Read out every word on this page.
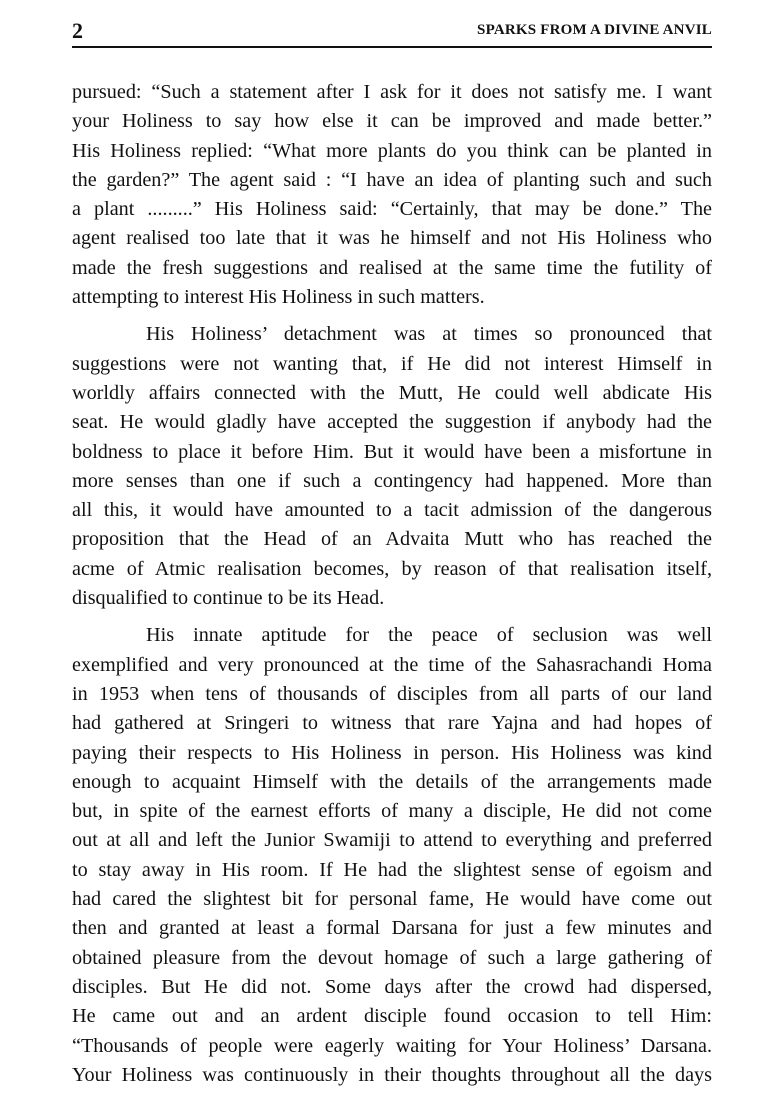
2	SPARKS FROM A DIVINE ANVIL
pursued: “Such a statement after I ask for it does not satisfy me. I want
your Holiness to say how else it can be improved and made better.”
His Holiness replied: “What more plants do you think can be planted in
the garden?” The agent said : “I have an idea of planting such and such
a plant .........” His Holiness said: “Certainly, that may be done.” The
agent realised too late that it was he himself and not His Holiness who
made the fresh suggestions and realised at the same time the futility of
attempting to interest His Holiness in such matters.
His Holiness’ detachment was at times so pronounced that
suggestions were not wanting that, if He did not interest Himself in
worldly affairs connected with the Mutt, He could well abdicate His
seat. He would gladly have accepted the suggestion if anybody had the
boldness to place it before Him. But it would have been a misfortune in
more senses than one if such a contingency had happened. More than
all this, it would have amounted to a tacit admission of the dangerous
proposition that the Head of an Advaita Mutt who has reached the
acme of Atmic realisation becomes, by reason of that realisation itself,
disqualified to continue to be its Head.
His innate aptitude for the peace of seclusion was well
exemplified and very pronounced at the time of the Sahasrachandi Homa
in 1953 when tens of thousands of disciples from all parts of our land
had gathered at Sringeri to witness that rare Yajna and had hopes of
paying their respects to His Holiness in person. His Holiness was kind
enough to acquaint Himself with the details of the arrangements made
but, in spite of the earnest efforts of many a disciple, He did not come
out at all and left the Junior Swamiji to attend to everything and preferred
to stay away in His room. If He had the slightest sense of egoism and
had cared the slightest bit for personal fame, He would have come out
then and granted at least a formal Darsana for just a few minutes and
obtained pleasure from the devout homage of such a large gathering of
disciples. But He did not. Some days after the crowd had dispersed,
He came out and an ardent disciple found occasion to tell Him:
“Thousands of people were eagerly waiting for Your Holiness’ Darsana.
Your Holiness was continuously in their thoughts throughout all the days
